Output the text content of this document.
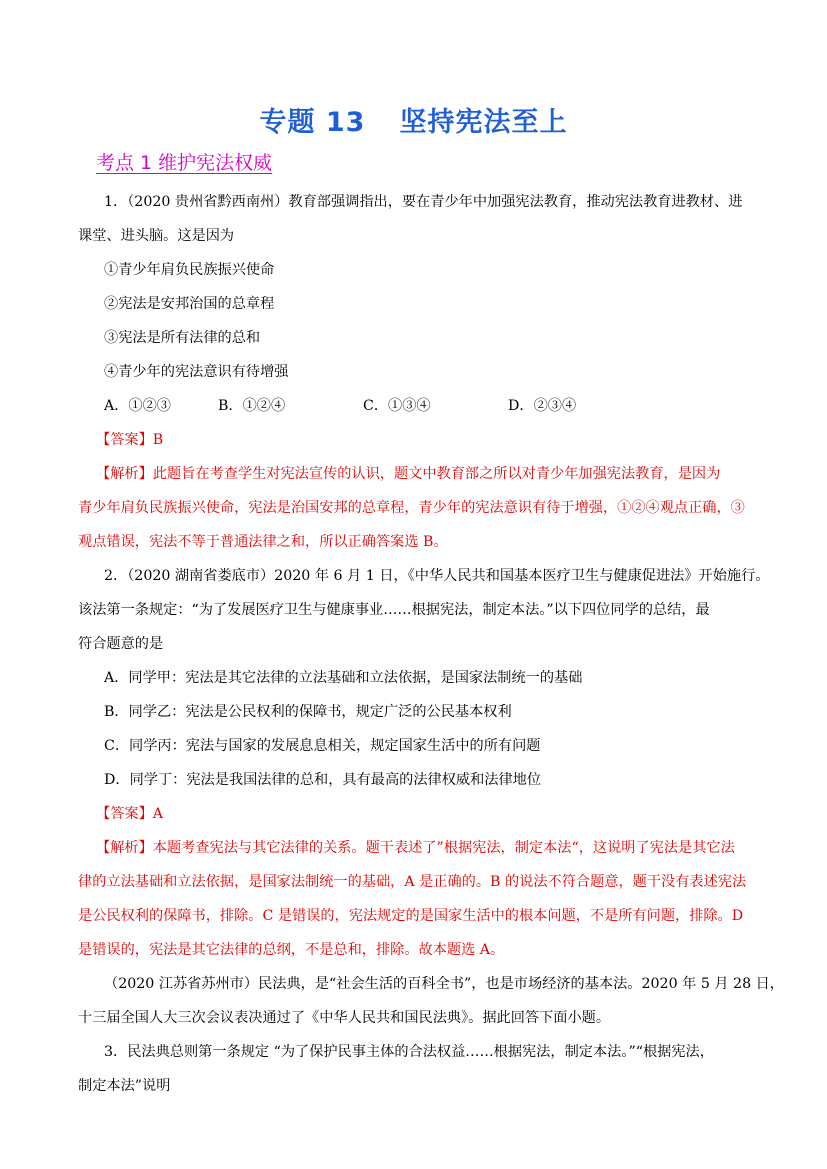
专题 13 坚持宪法至上
考点 1 维护宪法权威
1．（2020 贵州省黔西南州）教育部强调指出，要在青少年中加强宪法教育，推动宪法教育进教材、进
课堂、进头脑。这是因为
①青少年肩负民族振兴使命
②宪法是安邦治国的总章程
③宪法是所有法律的总和
④青少年的宪法意识有待增强
A．①②③	B．①②④	C．①③④	D．②③④
【答案】B
【解析】此题旨在考查学生对宪法宣传的认识，题文中教育部之所以对青少年加强宪法教育，是因为
青少年肩负民族振兴使命，宪法是治国安邦的总章程，青少年的宪法意识有待于增强，①②④观点正确，③
观点错误，宪法不等于普通法律之和，所以正确答案选 B。
2．（2020 湖南省娄底市）2020 年 6 月 1 日，《中华人民共和国基本医疗卫生与健康促进法》开始施行。
该法第一条规定：“为了发展医疗卫生与健康事业……根据宪法，制定本法。”以下四位同学的总结，最
符合题意的是
A．同学甲：宪法是其它法律的立法基础和立法依据，是国家法制统一的基础
B．同学乙：宪法是公民权利的保障书，规定广泛的公民基本权利
C．同学丙：宪法与国家的发展息息相关，规定国家生活中的所有问题
D．同学丁：宪法是我国法律的总和，具有最高的法律权威和法律地位
【答案】A
【解析】本题考查宪法与其它法律的关系。题干表述了”根据宪法，制定本法“，这说明了宪法是其它法
律的立法基础和立法依据，是国家法制统一的基础，A 是正确的。B 的说法不符合题意，题干没有表述宪法
是公民权利的保障书，排除。C 是错误的，宪法规定的是国家生活中的根本问题，不是所有问题，排除。D
是错误的，宪法是其它法律的总纲，不是总和，排除。故本题选 A。
（2020 江苏省苏州市）民法典，是“社会生活的百科全书”，也是市场经济的基本法。2020 年 5 月 28 日，
十三届全国人大三次会议表决通过了《中华人民共和国民法典》。据此回答下面小题。
3．民法典总则第一条规定 “为了保护民事主体的合法权益……根据宪法，制定本法。”“根据宪法，
制定本法”说明
